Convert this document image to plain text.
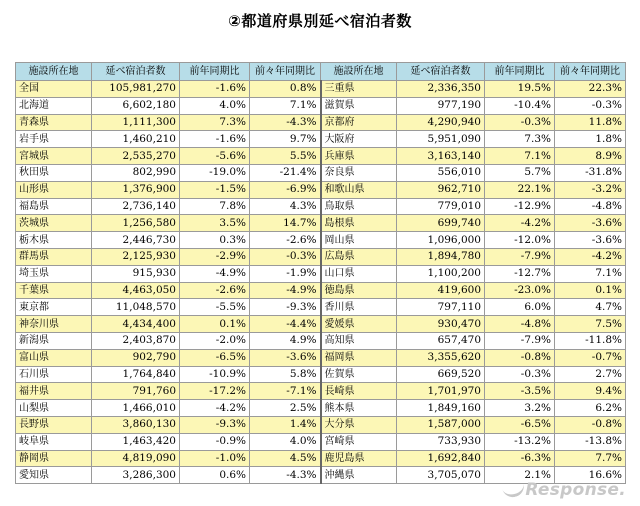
②都道府県別延べ宿泊者数
施設所在地	延べ宿泊者数	前年同期比	前々年同期比	施設所在地	延べ宿泊者数	前年同期比	前々年同期比
全国	105,981,270	-1.6%	0.8%	三重県	2,336,350	19.5%	22.3%
北海道	6,602,180	4.0%	7.1%	滋賀県	977,190	-10.4%	-0.3%
青森県	1,111,300	7.3%	-4.3%	京都府	4,290,940	-0.3%	11.8%
岩手県	1,460,210	-1.6%	9.7%	大阪府	5,951,090	7.3%	1.8%
宮城県	2,535,270	-5.6%	5.5%	兵庫県	3,163,140	7.1%	8.9%
秋田県	802,990	-19.0%	-21.4%	奈良県	556,010	5.7%	-31.8%
山形県	1,376,900	-1.5%	-6.9%	和歌山県	962,710	22.1%	-3.2%
福島県	2,736,140	7.8%	4.3%	鳥取県	779,010	-12.9%	-4.8%
茨城県	1,256,580	3.5%	14.7%	島根県	699,740	-4.2%	-3.6%
栃木県	2,446,730	0.3%	-2.6%	岡山県	1,096,000	-12.0%	-3.6%
群馬県	2,125,930	-2.9%	-0.3%	広島県	1,894,780	-7.9%	-4.2%
埼玉県	915,930	-4.9%	-1.9%	山口県	1,100,200	-12.7%	7.1%
千葉県	4,463,050	-2.6%	-4.9%	徳島県	419,600	-23.0%	0.1%
東京都	11,048,570	-5.5%	-9.3%	香川県	797,110	6.0%	4.7%
神奈川県	4,434,400	0.1%	-4.4%	愛媛県	930,470	-4.8%	7.5%
新潟県	2,403,870	-2.0%	4.9%	高知県	657,470	-7.9%	-11.8%
富山県	902,790	-6.5%	-3.6%	福岡県	3,355,620	-0.8%	-0.7%
石川県	1,764,840	-10.9%	5.8%	佐賀県	669,520	-0.3%	2.7%
福井県	791,760	-17.2%	-7.1%	長崎県	1,701,970	-3.5%	9.4%
山梨県	1,466,010	-4.2%	2.5%	熊本県	1,849,160	3.2%	6.2%
長野県	3,860,130	-9.3%	1.4%	大分県	1,587,000	-6.5%	-0.8%
岐阜県	1,463,420	-0.9%	4.0%	宮崎県	733,930	-13.2%	-13.8%
静岡県	4,819,090	-1.0%	4.5%	鹿児島県	1,692,840	-6.3%	7.7%
愛知県	3,286,300	0.6%	-4.3%	沖縄県	3,705,070	2.1%	16.6%
Response.
